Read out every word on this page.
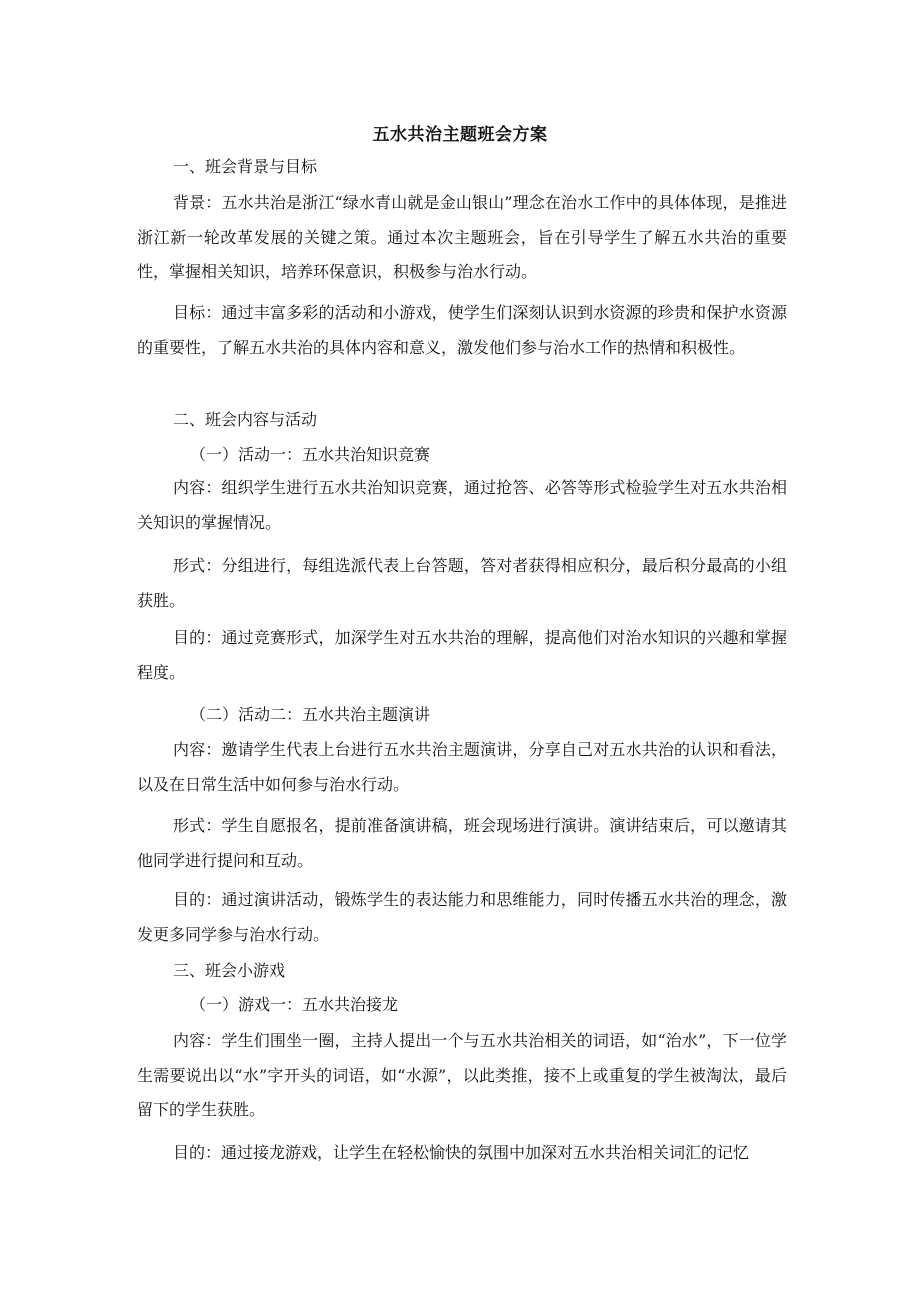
五水共治主题班会方案
一、班会背景与目标

背景：五水共治是浙江“绿水青山就是金山银山”理念在治水工作中的具体体现，是推进浙江新一轮改革发展的关键之策。通过本次主题班会，旨在引导学生了解五水共治的重要性，掌握相关知识，培养环保意识，积极参与治水行动。

目标：通过丰富多彩的活动和小游戏，使学生们深刻认识到水资源的珍贵和保护水资源的重要性，了解五水共治的具体内容和意义，激发他们参与治水工作的热情和积极性。

二、班会内容与活动
（一）活动一：五水共治知识竞赛

内容：组织学生进行五水共治知识竞赛，通过抢答、必答等形式检验学生对五水共治相关知识的掌握情况。

形式：分组进行，每组选派代表上台答题，答对者获得相应积分，最后积分最高的小组获胜。

目的：通过竞赛形式，加深学生对五水共治的理解，提高他们对治水知识的兴趣和掌握程度。

（二）活动二：五水共治主题演讲

内容：邀请学生代表上台进行五水共治主题演讲，分享自己对五水共治的认识和看法，以及在日常生活中如何参与治水行动。

形式：学生自愿报名，提前准备演讲稿，班会现场进行演讲。演讲结束后，可以邀请其他同学进行提问和互动。

目的：通过演讲活动，锻炼学生的表达能力和思维能力，同时传播五水共治的理念，激发更多同学参与治水行动。

三、班会小游戏
（一）游戏一：五水共治接龙

内容：学生们围坐一圈，主持人提出一个与五水共治相关的词语，如“治水”，下一位学生需要说出以“水”字开头的词语，如“水源”，以此类推，接不上或重复的学生被淘汰，最后留下的学生获胜。

目的：通过接龙游戏，让学生在轻松愉快的氛围中加深对五水共治相关词汇的记忆
